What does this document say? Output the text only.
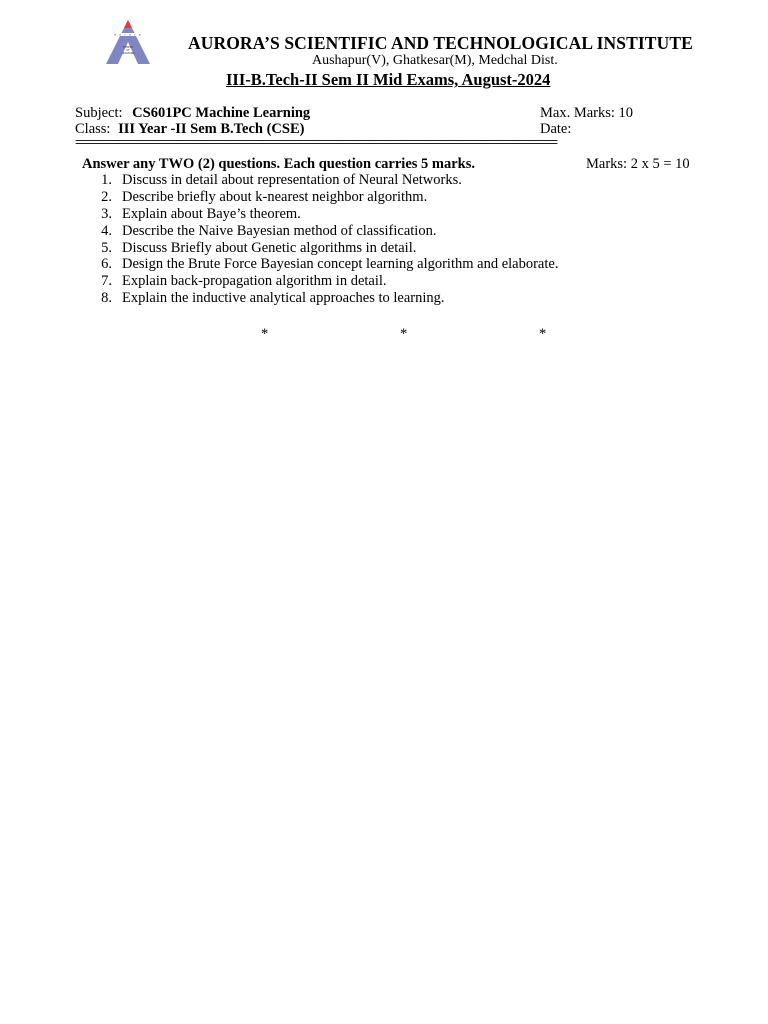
a u r o r a
TEMPLE
OF
LEARNING
AURORA’S SCIENTIFIC AND TECHNOLOGICAL INSTITUTE
Aushapur(V), Ghatkesar(M), Medchal Dist.
III-B.Tech-II Sem II Mid Exams, August-2024
Subject: CS601PC Machine Learning	Max. Marks: 10
Class: III Year -II Sem B.Tech (CSE)	Date:
==========================================================================================
Answer any TWO (2) questions. Each question carries 5 marks.	Marks: 2 x 5 = 10
1. Discuss in detail about representation of Neural Networks.
2. Describe briefly about k-nearest neighbor algorithm.
3. Explain about Baye’s theorem.
4. Describe the Naive Bayesian method of classification.
5. Discuss Briefly about Genetic algorithms in detail.
6. Design the Brute Force Bayesian concept learning algorithm and elaborate.
7. Explain back-propagation algorithm in detail.
8. Explain the inductive analytical approaches to learning.
*	*	*
